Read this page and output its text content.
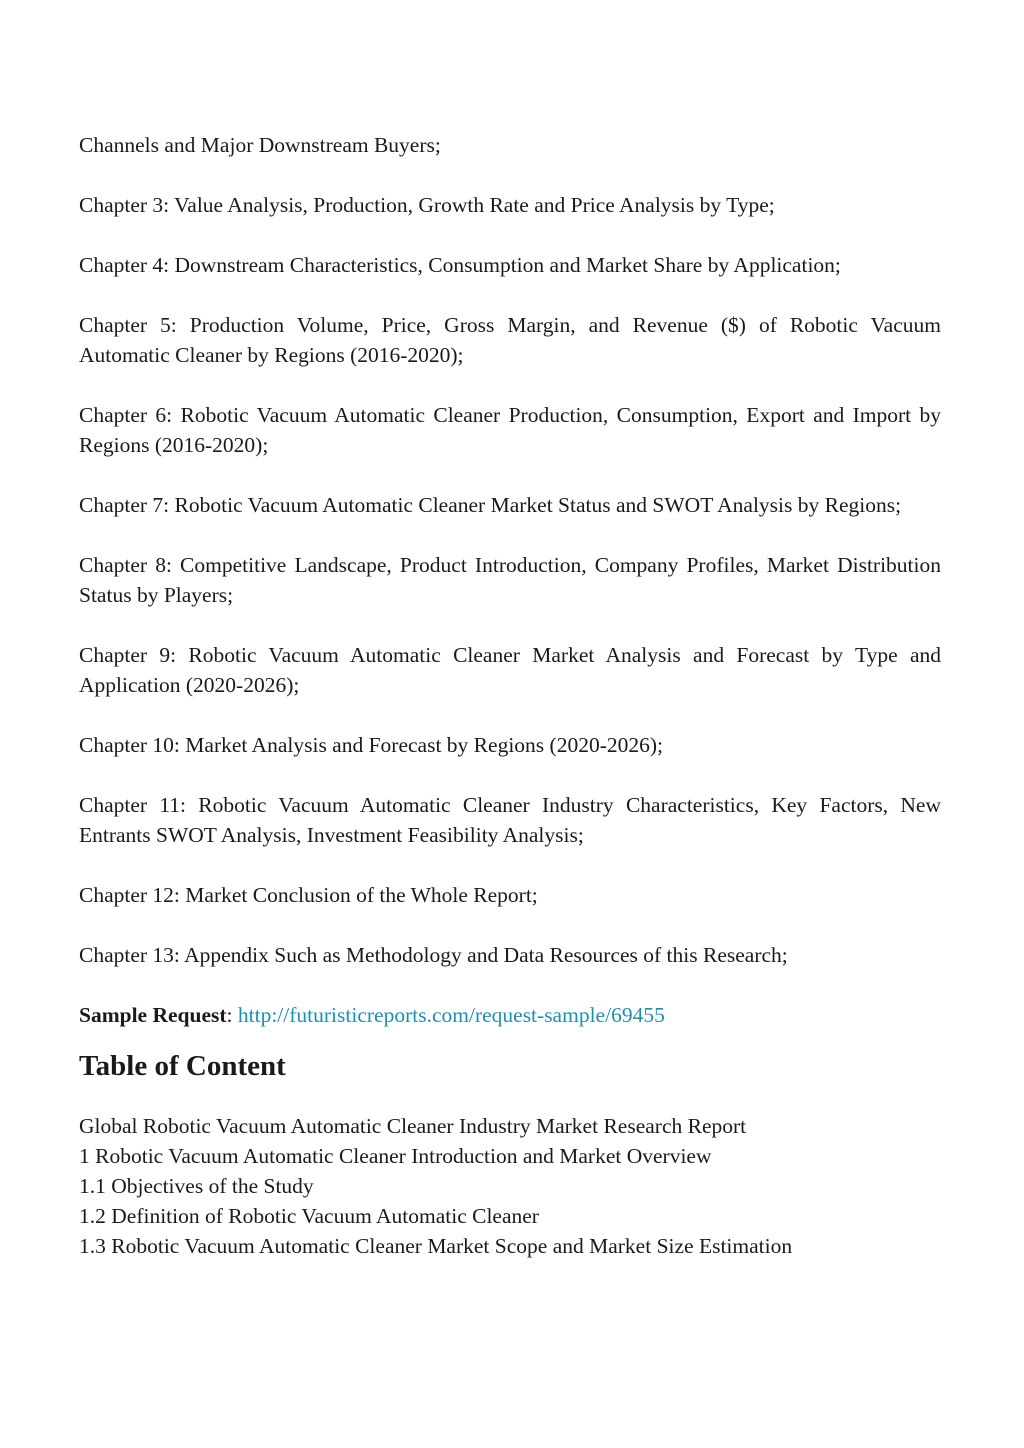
Channels and Major Downstream Buyers;

Chapter 3: Value Analysis, Production, Growth Rate and Price Analysis by Type;

Chapter 4: Downstream Characteristics, Consumption and Market Share by Application;

Chapter 5: Production Volume, Price, Gross Margin, and Revenue ($) of Robotic Vacuum Automatic Cleaner by Regions (2016-2020);

Chapter 6: Robotic Vacuum Automatic Cleaner Production, Consumption, Export and Import by Regions (2016-2020);

Chapter 7: Robotic Vacuum Automatic Cleaner Market Status and SWOT Analysis by Regions;

Chapter 8: Competitive Landscape, Product Introduction, Company Profiles, Market Distribution Status by Players;

Chapter 9: Robotic Vacuum Automatic Cleaner Market Analysis and Forecast by Type and Application (2020-2026);

Chapter 10: Market Analysis and Forecast by Regions (2020-2026);

Chapter 11: Robotic Vacuum Automatic Cleaner Industry Characteristics, Key Factors, New Entrants SWOT Analysis, Investment Feasibility Analysis;

Chapter 12: Market Conclusion of the Whole Report;

Chapter 13: Appendix Such as Methodology and Data Resources of this Research;

Sample Request: http://futuristicreports.com/request-sample/69455

Table of Content

Global Robotic Vacuum Automatic Cleaner Industry Market Research Report

1 Robotic Vacuum Automatic Cleaner Introduction and Market Overview

1.1 Objectives of the Study

1.2 Definition of Robotic Vacuum Automatic Cleaner

1.3 Robotic Vacuum Automatic Cleaner Market Scope and Market Size Estimation
